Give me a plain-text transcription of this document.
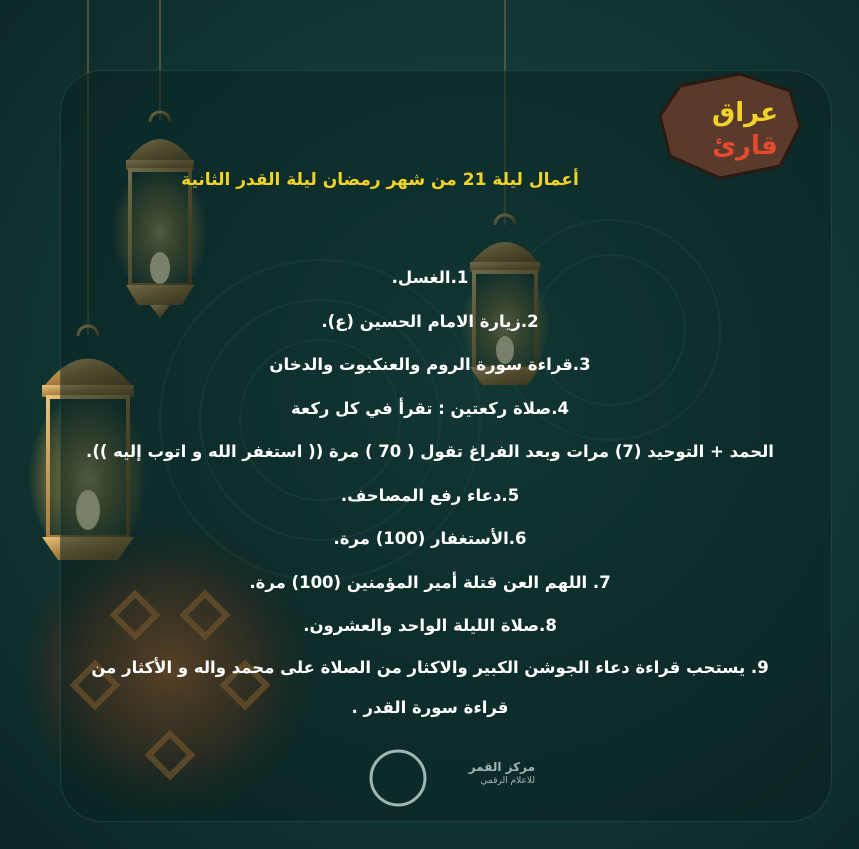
عراق
قارئ
أعمال ليلة 21 من شهر رمضان ليلة القدر الثانية
1.الغسل.
2.زيارة الامام الحسين (ع).
3.قراءة سورة الروم والعنكبوت والدخان
4.صلاة ركعتين : تقرأ في كل ركعة
الحمد + التوحيد (7) مرات وبعد الفراغ تقول ( 70 ) مرة (( استغفر الله و اتوب إليه )).
5.دعاء رفع المصاحف.
6.الأستغفار (100) مرة.
7. اللهم العن قتلة أمير المؤمنين (100) مرة.
8.صلاة الليلة الواحد والعشرون.
9. يستحب قراءة دعاء الجوشن الكبير والاكثار من الصلاة على محمد واله و الأكثار من قراءة سورة القدر .
مركز القمر
للاعلام الرقمي
